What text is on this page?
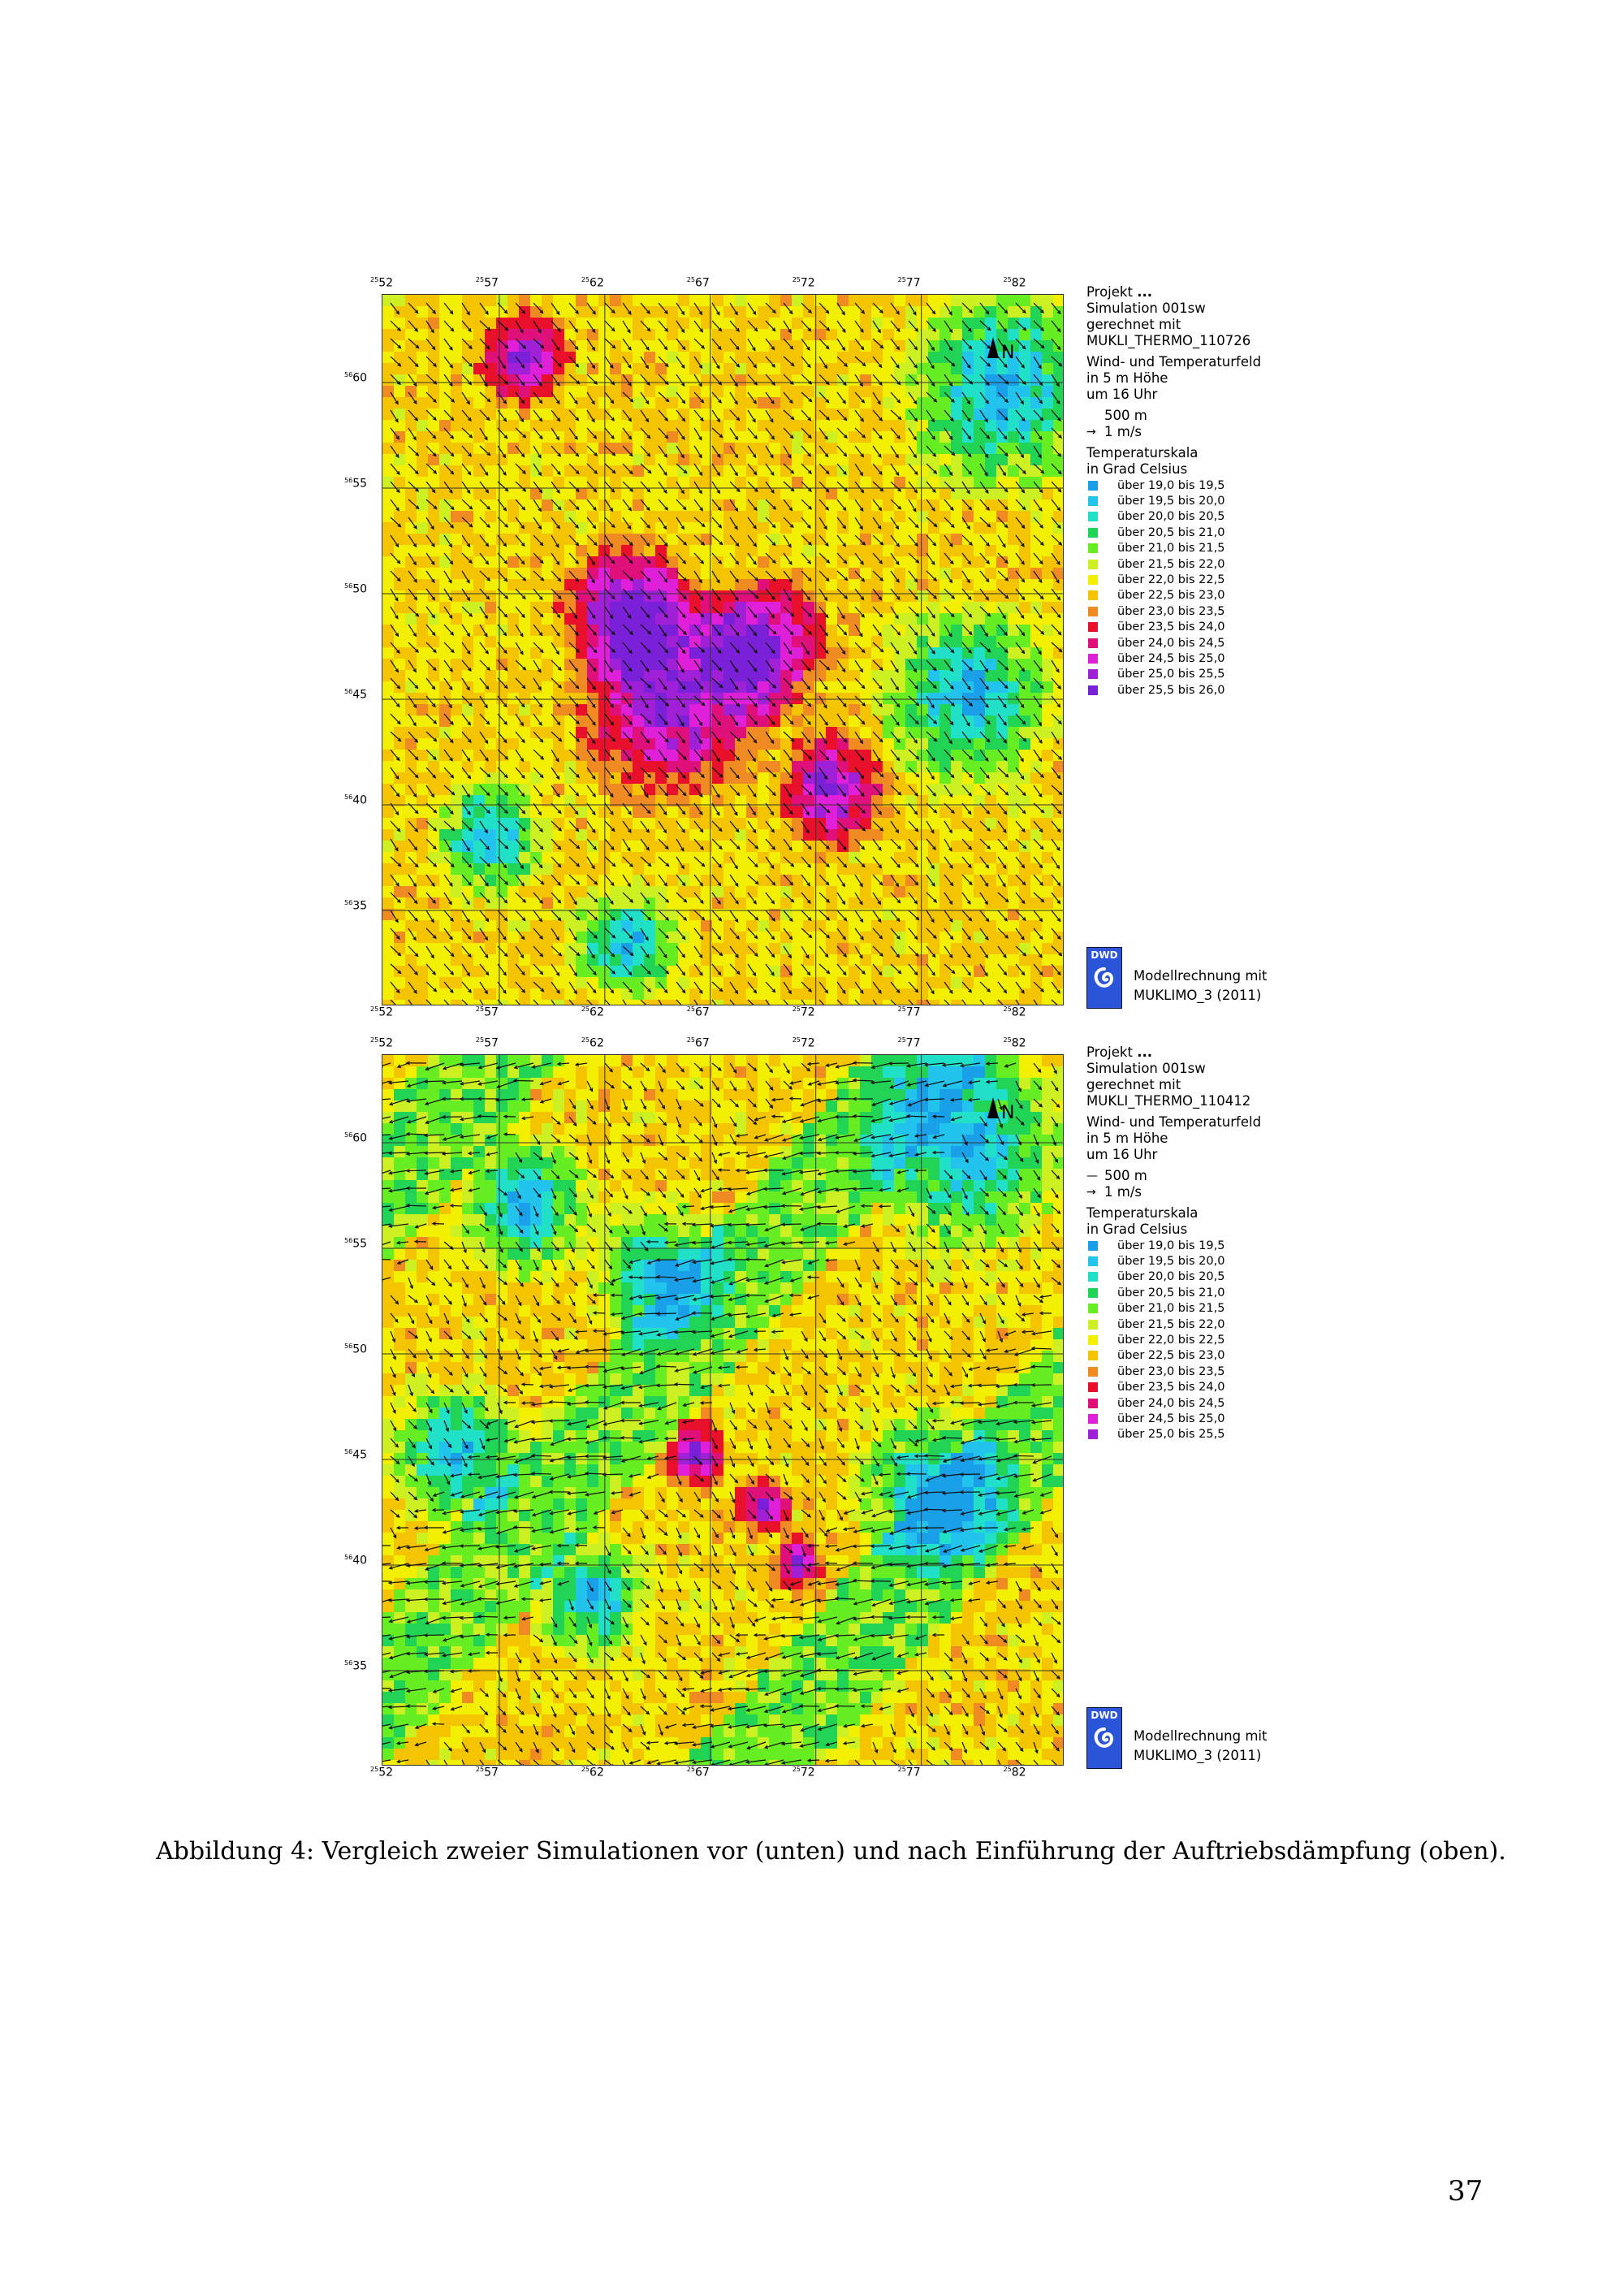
$^{25}$52	$^{25}$57	$^{25}$62	$^{25}$67	$^{25}$72	$^{25}$77	$^{25}$82
N
$^{25}$52	$^{25}$57	$^{25}$62	$^{25}$67	$^{25}$72	$^{25}$77	$^{25}$82
$^{56}$60
$^{56}$55
$^{56}$50
$^{56}$45
$^{56}$40
$^{56}$35
Projekt ...
Simulation 001sw
gerechnet mit
MUKLI_THERMO_110726
Wind- und Temperaturfeld
in 5 m Höhe
um 16 Uhr
500 m
→ 1 m/s
Temperaturskala
in Grad Celsius
über 19,0 bis 19,5
über 19,5 bis 20,0
über 20,0 bis 20,5
über 20,5 bis 21,0
über 21,0 bis 21,5
über 21,5 bis 22,0
über 22,0 bis 22,5
über 22,5 bis 23,0
über 23,0 bis 23,5
über 23,5 bis 24,0
über 24,0 bis 24,5
über 24,5 bis 25,0
über 25,0 bis 25,5
über 25,5 bis 26,0
DWD
Modellrechnung mit
MUKLIMO_3 (2011)
$^{25}$52	$^{25}$57	$^{25}$62	$^{25}$67	$^{25}$72	$^{25}$77	$^{25}$82
N
$^{25}$52	$^{25}$57	$^{25}$62	$^{25}$67	$^{25}$72	$^{25}$77	$^{25}$82
$^{56}$60
$^{56}$55
$^{56}$50
$^{56}$45
$^{56}$40
$^{56}$35
Projekt ...
Simulation 001sw
gerechnet mit
MUKLI_THERMO_110412
Wind- und Temperaturfeld
in 5 m Höhe
um 16 Uhr
— 500 m
→ 1 m/s
Temperaturskala
in Grad Celsius
über 19,0 bis 19,5
über 19,5 bis 20,0
über 20,0 bis 20,5
über 20,5 bis 21,0
über 21,0 bis 21,5
über 21,5 bis 22,0
über 22,0 bis 22,5
über 22,5 bis 23,0
über 23,0 bis 23,5
über 23,5 bis 24,0
über 24,0 bis 24,5
über 24,5 bis 25,0
über 25,0 bis 25,5
DWD
Modellrechnung mit
MUKLIMO_3 (2011)
Abbildung 4: Vergleich zweier Simulationen vor (unten) und nach Einführung der Auftriebsdämpfung (oben).
37
